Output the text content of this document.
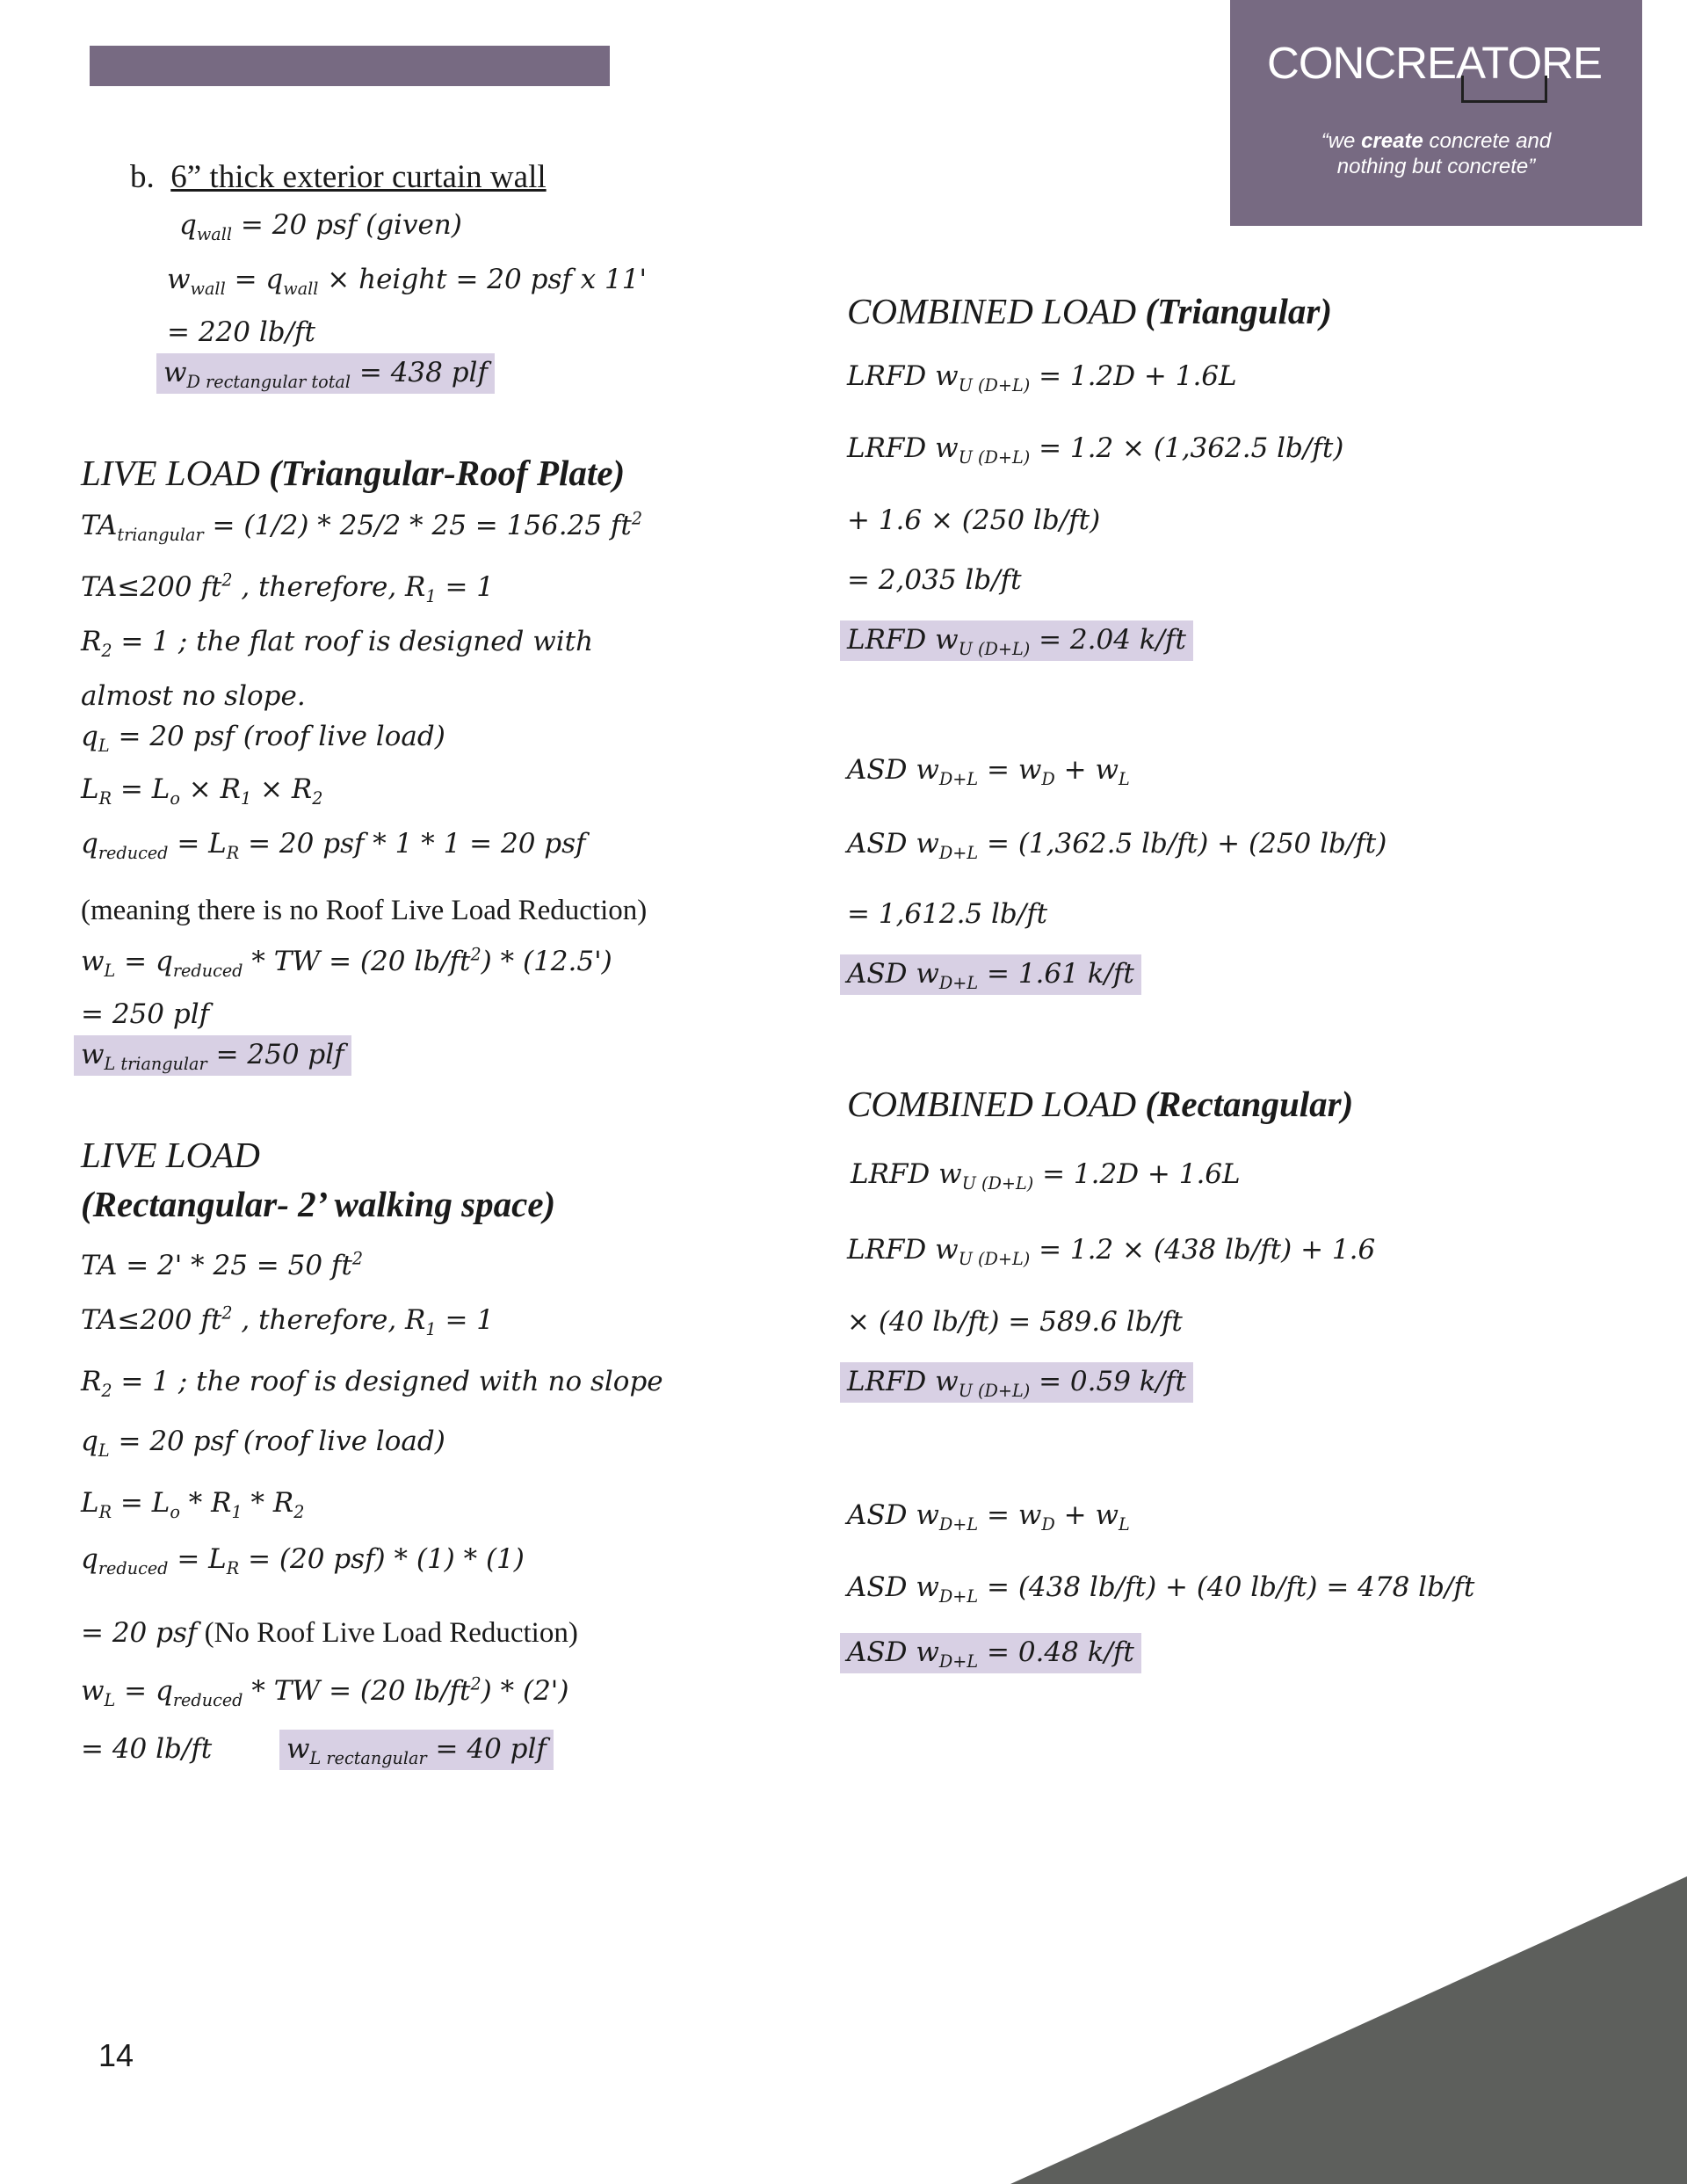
CONCREATORE
“we create concrete and
nothing but concrete”
b. 6” thick exterior curtain wall
$q_{wall} = 20$ psf (given)
$w_{wall} = q_{wall}$ × height = 20 psf x 11'
= 220 lb/ft
$w_{D rectangular total} = 438$ plf
LIVE LOAD (Triangular-Roof Plate)
$TA_{triangular} = (1/2) * 25/2 * 25 = 156.25$ $ft^2$
TA≤200 $ft^2$ , therefore, $R_1 = 1$
$R_2 = 1$ ; the flat roof is designed with
almost no slope.
$q_L = 20$ psf (roof live load)
$L_R = L_o \times R_1 \times R_2$
$q_{reduced} = L_R = 20$ psf * 1 * 1 = 20 psf
(meaning there is no Roof Live Load Reduction)
$w_L = q_{reduced}$ * TW = (20 $lb/ft^2) * (12.5')$
= 250 plf
$w_{L triangular} = 250$ plf
LIVE LOAD
(Rectangular- 2’ walking space)
TA = 2' * 25 = 50 $ft^2$
TA≤200 $ft^2$ , therefore, $R_1 = 1$
$R_2 = 1$ ; the roof is designed with no slope
$q_L = 20$ psf (roof live load)
$L_R = L_o * R_1 * R_2$
$q_{reduced} = L_R = (20$ psf) * (1) * (1)
= 20 psf (No Roof Live Load Reduction)
$w_L = q_{reduced}$ * TW = (20 $lb/ft^2) * (2')$
= 40 lb/ft	$w_{L rectangular} = 40$ plf
COMBINED LOAD (Triangular)
LRFD $w_{U (D+L)} = 1.2D + 1.6L$
LRFD $w_{U (D+L)} = 1.2 \times (1,362.5$ lb/ft)
+ 1.6 × (250 lb/ft)
= 2,035 lb/ft
LRFD $w_{U (D+L)} = 2.04$ k/ft
ASD $w_{D+L} = w_D + w_L$
ASD $w_{D+L} = (1,362.5$ lb/ft) + (250 lb/ft)
= 1,612.5 lb/ft
ASD $w_{D+L} = 1.61$ k/ft
COMBINED LOAD (Rectangular)
LRFD $w_{U (D+L)} = 1.2D + 1.6L$
LRFD $w_{U (D+L)} = 1.2 \times (438$ lb/ft) + 1.6
× (40 lb/ft) = 589.6 lb/ft
LRFD $w_{U (D+L)} = 0.59$ k/ft
ASD $w_{D+L} = w_D + w_L$
ASD $w_{D+L} = (438$ lb/ft) + (40 lb/ft) = 478 lb/ft
ASD $w_{D+L} = 0.48$ k/ft
14
